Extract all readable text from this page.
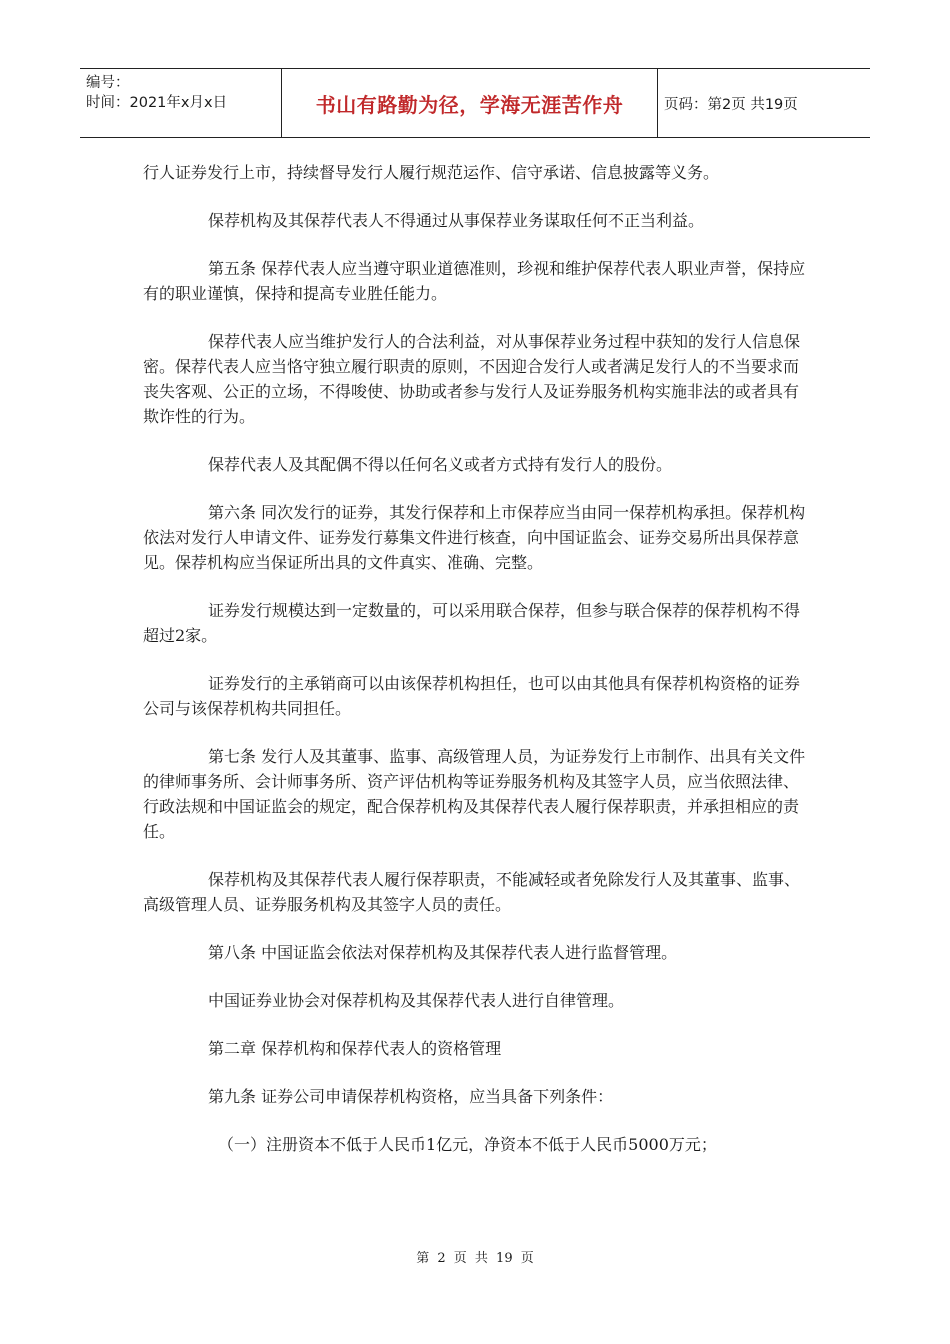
编号：
时间：2021年x月x日	书山有路勤为径，学海无涯苦作舟	页码：第2页 共19页

行人证券发行上市，持续督导发行人履行规范运作、信守承诺、信息披露等义务。

保荐机构及其保荐代表人不得通过从事保荐业务谋取任何不正当利益。

第五条 保荐代表人应当遵守职业道德准则，珍视和维护保荐代表人职业声誉，保持应有的职业谨慎，保持和提高专业胜任能力。

保荐代表人应当维护发行人的合法利益，对从事保荐业务过程中获知的发行人信息保密。保荐代表人应当恪守独立履行职责的原则，不因迎合发行人或者满足发行人的不当要求而丧失客观、公正的立场，不得唆使、协助或者参与发行人及证券服务机构实施非法的或者具有欺诈性的行为。

保荐代表人及其配偶不得以任何名义或者方式持有发行人的股份。

第六条 同次发行的证券，其发行保荐和上市保荐应当由同一保荐机构承担。保荐机构依法对发行人申请文件、证券发行募集文件进行核查，向中国证监会、证券交易所出具保荐意见。保荐机构应当保证所出具的文件真实、准确、完整。

证券发行规模达到一定数量的，可以采用联合保荐，但参与联合保荐的保荐机构不得超过2家。

证券发行的主承销商可以由该保荐机构担任，也可以由其他具有保荐机构资格的证券公司与该保荐机构共同担任。

第七条 发行人及其董事、监事、高级管理人员，为证券发行上市制作、出具有关文件的律师事务所、会计师事务所、资产评估机构等证券服务机构及其签字人员，应当依照法律、行政法规和中国证监会的规定，配合保荐机构及其保荐代表人履行保荐职责，并承担相应的责任。

保荐机构及其保荐代表人履行保荐职责，不能减轻或者免除发行人及其董事、监事、高级管理人员、证券服务机构及其签字人员的责任。

第八条 中国证监会依法对保荐机构及其保荐代表人进行监督管理。

中国证券业协会对保荐机构及其保荐代表人进行自律管理。

第二章 保荐机构和保荐代表人的资格管理

第九条 证券公司申请保荐机构资格，应当具备下列条件：

（一）注册资本不低于人民币1亿元，净资本不低于人民币5000万元；

第 2 页 共 19 页
